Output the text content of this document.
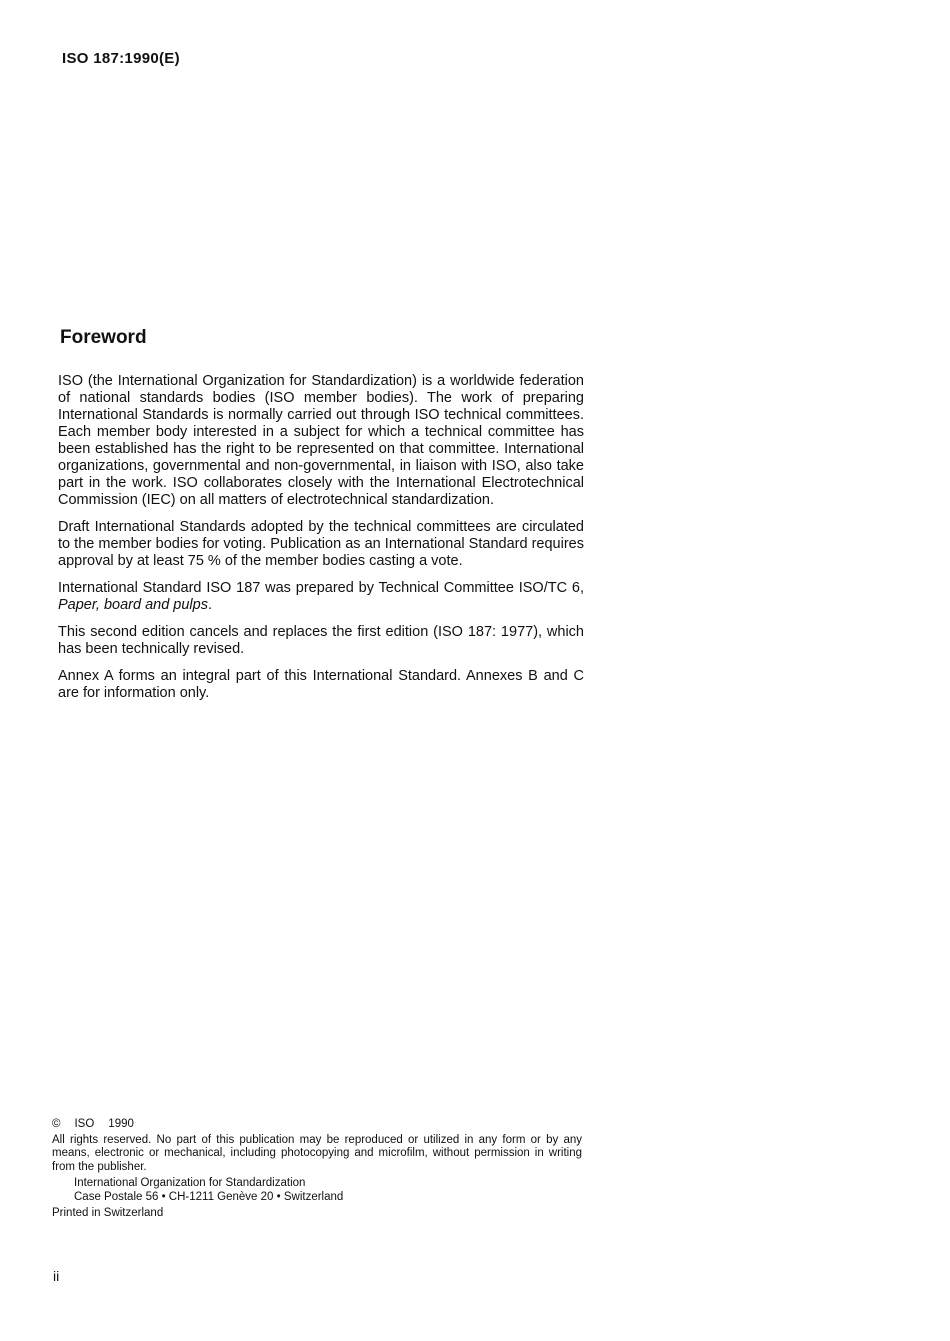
ISO 187:1990(E)
Foreword

ISO (the International Organization for Standardization) is a worldwide federation of national standards bodies (ISO member bodies). The work of preparing International Standards is normally carried out through ISO technical committees. Each member body interested in a subject for which a technical committee has been established has the right to be represented on that committee. International organizations, governmental and non-governmental, in liaison with ISO, also take part in the work. ISO collaborates closely with the International Electrotechnical Commission (IEC) on all matters of electrotechnical standardization.

Draft International Standards adopted by the technical committees are circulated to the member bodies for voting. Publication as an International Standard requires approval by at least 75 % of the member bodies casting a vote.

International Standard ISO 187 was prepared by Technical Committee ISO/TC 6, Paper, board and pulps.

This second edition cancels and replaces the first edition (ISO 187: 1977), which has been technically revised.

Annex A forms an integral part of this International Standard. Annexes B and C are for information only.

© ISO 1990
All rights reserved. No part of this publication may be reproduced or utilized in any form or by any means, electronic or mechanical, including photocopying and microfilm, without permission in writing from the publisher.
International Organization for Standardization
Case Postale 56 • CH-1211 Genève 20 • Switzerland
Printed in Switzerland
ii
